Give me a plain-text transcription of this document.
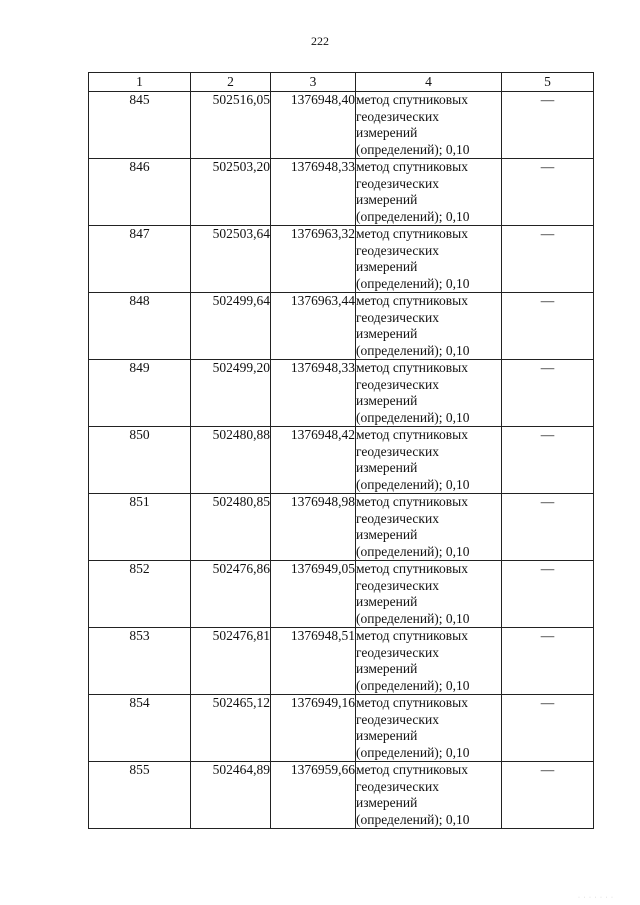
222
1	2	3	4	5
845	502516,05	1376948,40	метод спутниковых
геодезических
измерений
(определений); 0,10	—
846	502503,20	1376948,33	метод спутниковых
геодезических
измерений
(определений); 0,10	—
847	502503,64	1376963,32	метод спутниковых
геодезических
измерений
(определений); 0,10	—
848	502499,64	1376963,44	метод спутниковых
геодезических
измерений
(определений); 0,10	—
849	502499,20	1376948,33	метод спутниковых
геодезических
измерений
(определений); 0,10	—
850	502480,88	1376948,42	метод спутниковых
геодезических
измерений
(определений); 0,10	—
851	502480,85	1376948,98	метод спутниковых
геодезических
измерений
(определений); 0,10	—
852	502476,86	1376949,05	метод спутниковых
геодезических
измерений
(определений); 0,10	—
853	502476,81	1376948,51	метод спутниковых
геодезических
измерений
(определений); 0,10	—
854	502465,12	1376949,16	метод спутниковых
геодезических
измерений
(определений); 0,10	—
855	502464,89	1376959,66	метод спутниковых
геодезических
измерений
(определений); 0,10	—
· · · · · · ·
